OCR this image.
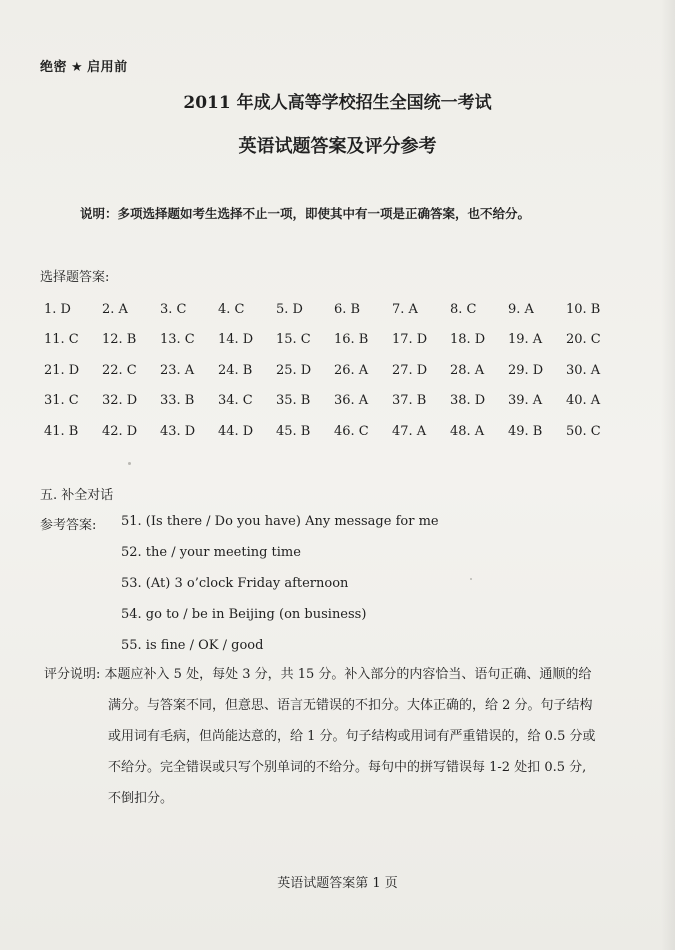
绝密 ★ 启用前
2011 年成人高等学校招生全国统一考试
英语试题答案及评分参考
说明：多项选择题如考生选择不止一项，即使其中有一项是正确答案，也不给分。
选择题答案:
1. D	2. A	3. C	4. C	5. D	6. B	7. A	8. C	9. A	10. B
11. C	12. B	13. C	14. D	15. C	16. B	17. D	18. D	19. A	20. C
21. D	22. C	23. A	24. B	25. D	26. A	27. D	28. A	29. D	30. A
31. C	32. D	33. B	34. C	35. B	36. A	37. B	38. D	39. A	40. A
41. B	42. D	43. D	44. D	45. B	46. C	47. A	48. A	49. B	50. C
五. 补全对话
参考答案: 51. (Is there / Do you have) Any message for me
52. the / your meeting time
53. (At) 3 o’clock Friday afternoon
54. go to / be in Beijing (on business)
55. is fine / OK / good
评分说明: 本题应补入 5 处，每处 3 分，共 15 分。补入部分的内容恰当、语句正确、通顺的给
满分。与答案不同，但意思、语言无错误的不扣分。大体正确的，给 2 分。句子结构
或用词有毛病，但尚能达意的，给 1 分。句子结构或用词有严重错误的，给 0.5 分或
不给分。完全错误或只写个别单词的不给分。每句中的拼写错误每 1-2 处扣 0.5 分,
不倒扣分。
英语试题答案第 1 页
